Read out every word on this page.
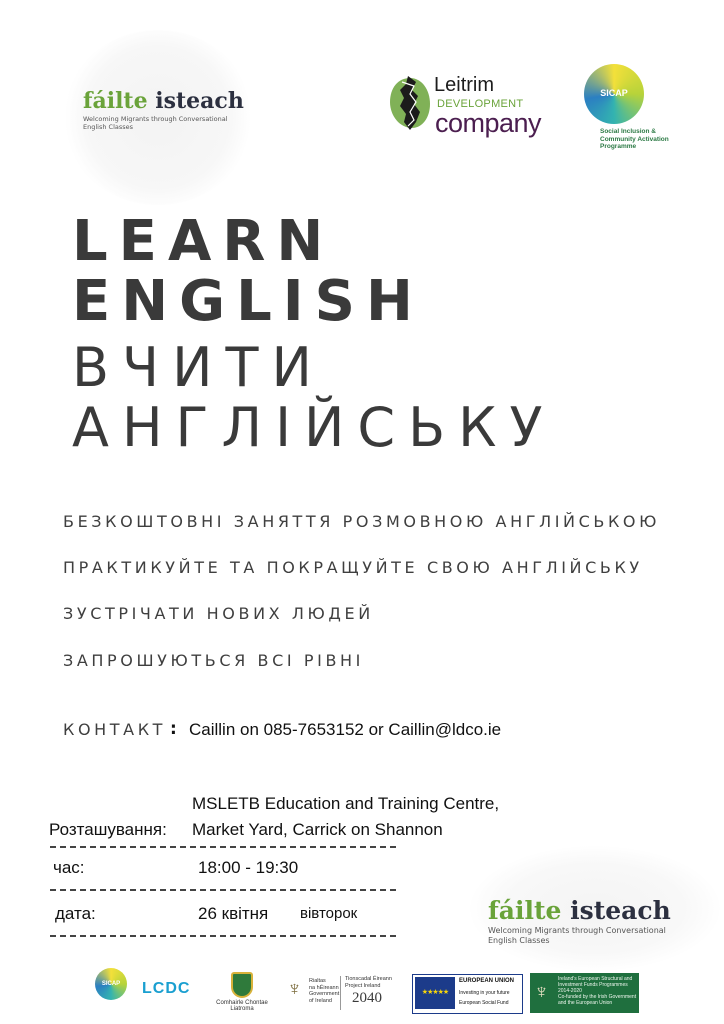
fáilte isteach
Welcoming Migrants through Conversational
English Classes
Leitrim
DEVELOPMENT
company
SICAP
Social Inclusion &
Community Activation
Programme
LEARN
ENGLISH
ВЧИТИ
АНГЛІЙСЬКУ
БЕЗКОШТОВНІ ЗАНЯТТЯ РОЗМОВНОЮ АНГЛІЙСЬКОЮ
ПРАКТИКУЙТЕ ТА ПОКРАЩУЙТЕ СВОЮ АНГЛІЙСЬКУ
ЗУСТРІЧАТИ НОВИХ ЛЮДЕЙ
ЗАПРОШУЮТЬСЯ ВСІ РІВНІ
КОНТАКТ : Caillin on 085-7653152 or Caillin@ldco.ie
MSLETB Education and Training Centre,
Розташування: Market Yard, Carrick on Shannon
час:	18:00 - 19:30
дата:	26 квітня вівторок	fáilte isteach
Welcoming Migrants through Conversational
English Classes
SICAP	LCDC
Comhairle Chontae Liatroma
♆ Rialtas
na hÉireann
Government
of Ireland
Tionscadal Éireann
Project Ireland
2040	★★★★★
EUROPEAN UNION
Investing in your future
European Social Fund ♆
Ireland's European Structural and
Investment Funds Programmes
2014-2020
Co-funded by the Irish Government
and the European Union
